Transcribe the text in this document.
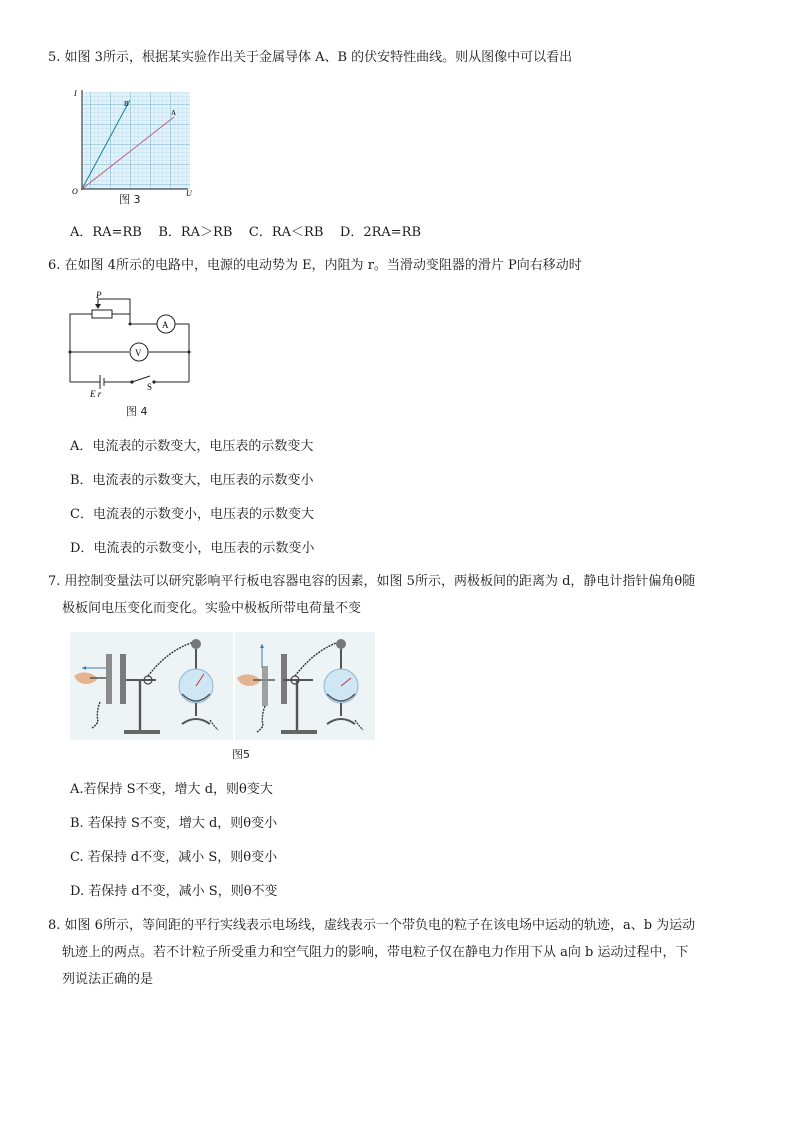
5. 如图 3所示，根据某实验作出关于金属导体 A、B 的伏安特性曲线。则从图像中可以看出
I
U
O
B
A
图 3
A．RA=RB    B．RA＞RB    C．RA＜RB    D．2RA=RB
6. 在如图 4所示的电路中，电源的电动势为 E，内阻为 r。当滑动变阻器的滑片 P向右移动时
P
A
V
S
E r
图 4
A．电流表的示数变大，电压表的示数变大
B．电流表的示数变大，电压表的示数变小
C．电流表的示数变小，电压表的示数变大
D．电流表的示数变小，电压表的示数变小
7. 用控制变量法可以研究影响平行板电容器电容的因素，如图 5所示，两极板间的距离为 d，静电计指针偏角θ随
极板间电压变化而变化。实验中极板所带电荷量不变
图5
A.若保持 S不变，增大 d，则θ变大
B. 若保持 S不变，增大 d，则θ变小
C. 若保持 d不变，减小 S，则θ变小
D. 若保持 d不变，减小 S，则θ不变
8. 如图 6所示，等间距的平行实线表示电场线，虚线表示一个带负电的粒子在该电场中运动的轨迹，a、b 为运动
轨迹上的两点。若不计粒子所受重力和空气阻力的影响，带电粒子仅在静电力作用下从 a向 b 运动过程中，下
列说法正确的是
